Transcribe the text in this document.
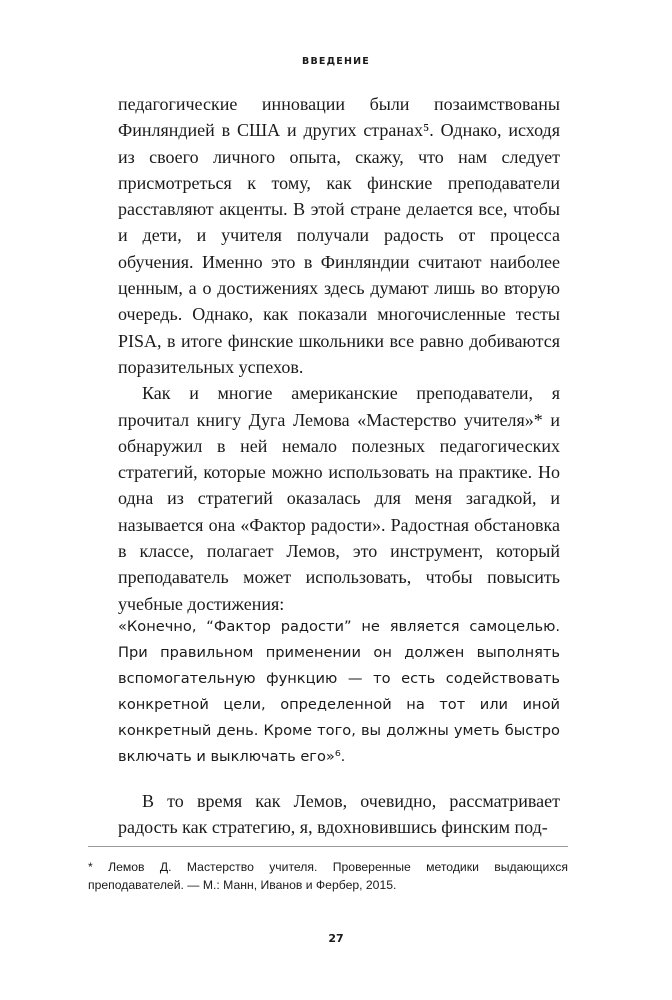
ВВЕДЕНИЕ

педагогические инновации были позаимствованы Финляндией в США и других странах⁵. Однако, исходя из своего личного опыта, скажу, что нам следует присмотреться к тому, как финские преподаватели расставляют акценты. В этой стране делается все, чтобы и дети, и учителя получали радость от процесса обучения. Именно это в Финляндии считают наиболее ценным, а о достижениях здесь думают лишь во вторую очередь. Однако, как показали многочисленные тесты PISA, в итоге финские школьники все равно добиваются поразительных успехов.

Как и многие американские преподаватели, я прочитал книгу Дуга Лемова «Мастерство учителя»* и обнаружил в ней немало полезных педагогических стратегий, которые можно использовать на практике. Но одна из стратегий оказалась для меня загадкой, и называется она «Фактор радости». Радостная обстановка в классе, полагает Лемов, это инструмент, который преподаватель может использовать, чтобы повысить учебные достижения:

«Конечно, “Фактор радости” не является самоцелью. При правильном применении он должен выполнять вспомогательную функцию — то есть содействовать конкретной цели, определенной на тот или иной конкретный день. Кроме того, вы должны уметь быстро включать и выключать его»⁶.

В то время как Лемов, очевидно, рассматривает радость как стратегию, я, вдохновившись финским под-

* Лемов Д. Мастерство учителя. Проверенные методики выдающихся преподавателей. — М.: Манн, Иванов и Фербер, 2015.

27
